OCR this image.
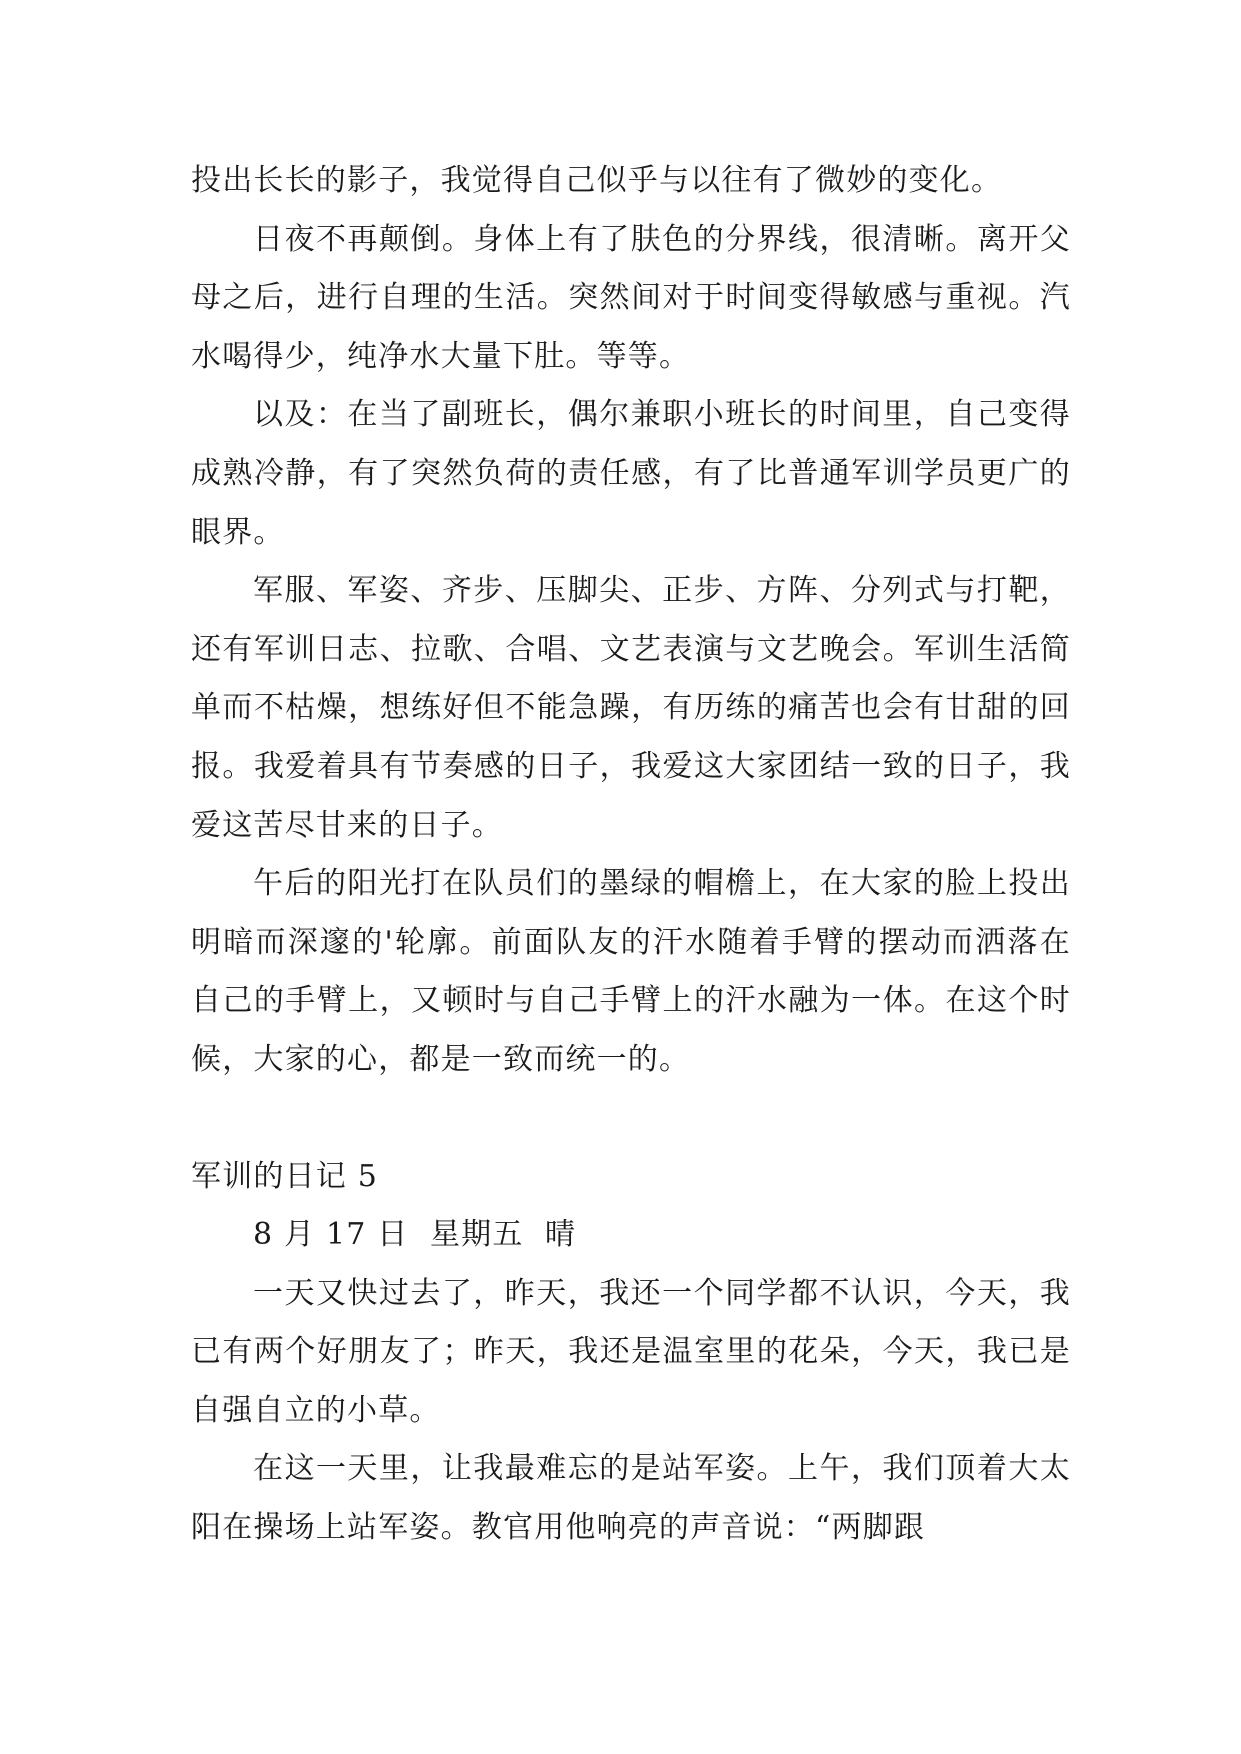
投出长长的影子，我觉得自己似乎与以往有了微妙的变化。

日夜不再颠倒。身体上有了肤色的分界线，很清晰。离开父母之后，进行自理的生活。突然间对于时间变得敏感与重视。汽水喝得少，纯净水大量下肚。等等。

以及：在当了副班长，偶尔兼职小班长的时间里，自己变得成熟冷静，有了突然负荷的责任感，有了比普通军训学员更广的眼界。

军服、军姿、齐步、压脚尖、正步、方阵、分列式与打靶，还有军训日志、拉歌、合唱、文艺表演与文艺晚会。军训生活简单而不枯燥，想练好但不能急躁，有历练的痛苦也会有甘甜的回报。我爱着具有节奏感的日子，我爱这大家团结一致的日子，我爱这苦尽甘来的日子。

午后的阳光打在队员们的墨绿的帽檐上，在大家的脸上投出明暗而深邃的'轮廓。前面队友的汗水随着手臂的摆动而洒落在自己的手臂上，又顿时与自己手臂上的汗水融为一体。在这个时候，大家的心，都是一致而统一的。

军训的日记 5

8 月 17 日  星期五  晴

一天又快过去了，昨天，我还一个同学都不认识，今天，我已有两个好朋友了；昨天，我还是温室里的花朵，今天，我已是自强自立的小草。

在这一天里，让我最难忘的是站军姿。上午，我们顶着大太阳在操场上站军姿。教官用他响亮的声音说：“两脚跟
